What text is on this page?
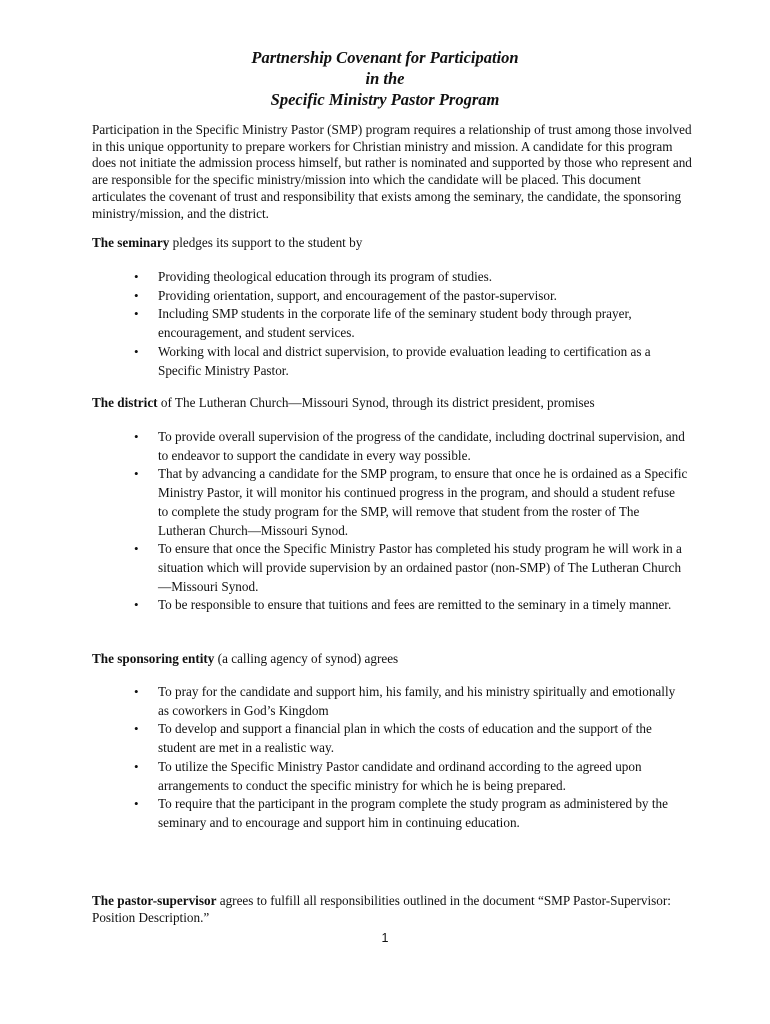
Partnership Covenant for Participation
in the
Specific Ministry Pastor Program

Participation in the Specific Ministry Pastor (SMP) program requires a relationship of trust among those involved in this unique opportunity to prepare workers for Christian ministry and mission. A candidate for this program does not initiate the admission process himself, but rather is nominated and supported by those who represent and are responsible for the specific ministry/mission into which the candidate will be placed. This document articulates the covenant of trust and responsibility that exists among the seminary, the candidate, the sponsoring ministry/mission, and the district.

The seminary pledges its support to the student by

• Providing theological education through its program of studies.
• Providing orientation, support, and encouragement of the pastor-supervisor.
• Including SMP students in the corporate life of the seminary student body through prayer, encouragement, and student services.
• Working with local and district supervision, to provide evaluation leading to certification as a Specific Ministry Pastor.

The district of The Lutheran Church—Missouri Synod, through its district president, promises

• To provide overall supervision of the progress of the candidate, including doctrinal supervision, and to endeavor to support the candidate in every way possible.
• That by advancing a candidate for the SMP program, to ensure that once he is ordained as a Specific Ministry Pastor, it will monitor his continued progress in the program, and should a student refuse to complete the study program for the SMP, will remove that student from the roster of The Lutheran Church—Missouri Synod.
• To ensure that once the Specific Ministry Pastor has completed his study program he will work in a situation which will provide supervision by an ordained pastor (non-SMP) of The Lutheran Church—Missouri Synod.
• To be responsible to ensure that tuitions and fees are remitted to the seminary in a timely manner.

The sponsoring entity (a calling agency of synod) agrees

• To pray for the candidate and support him, his family, and his ministry spiritually and emotionally as coworkers in God’s Kingdom
• To develop and support a financial plan in which the costs of education and the support of the student are met in a realistic way.
• To utilize the Specific Ministry Pastor candidate and ordinand according to the agreed upon arrangements to conduct the specific ministry for which he is being prepared.
• To require that the participant in the program complete the study program as administered by the seminary and to encourage and support him in continuing education.

The pastor-supervisor agrees to fulfill all responsibilities outlined in the document “SMP Pastor-Supervisor: Position Description.”

1
